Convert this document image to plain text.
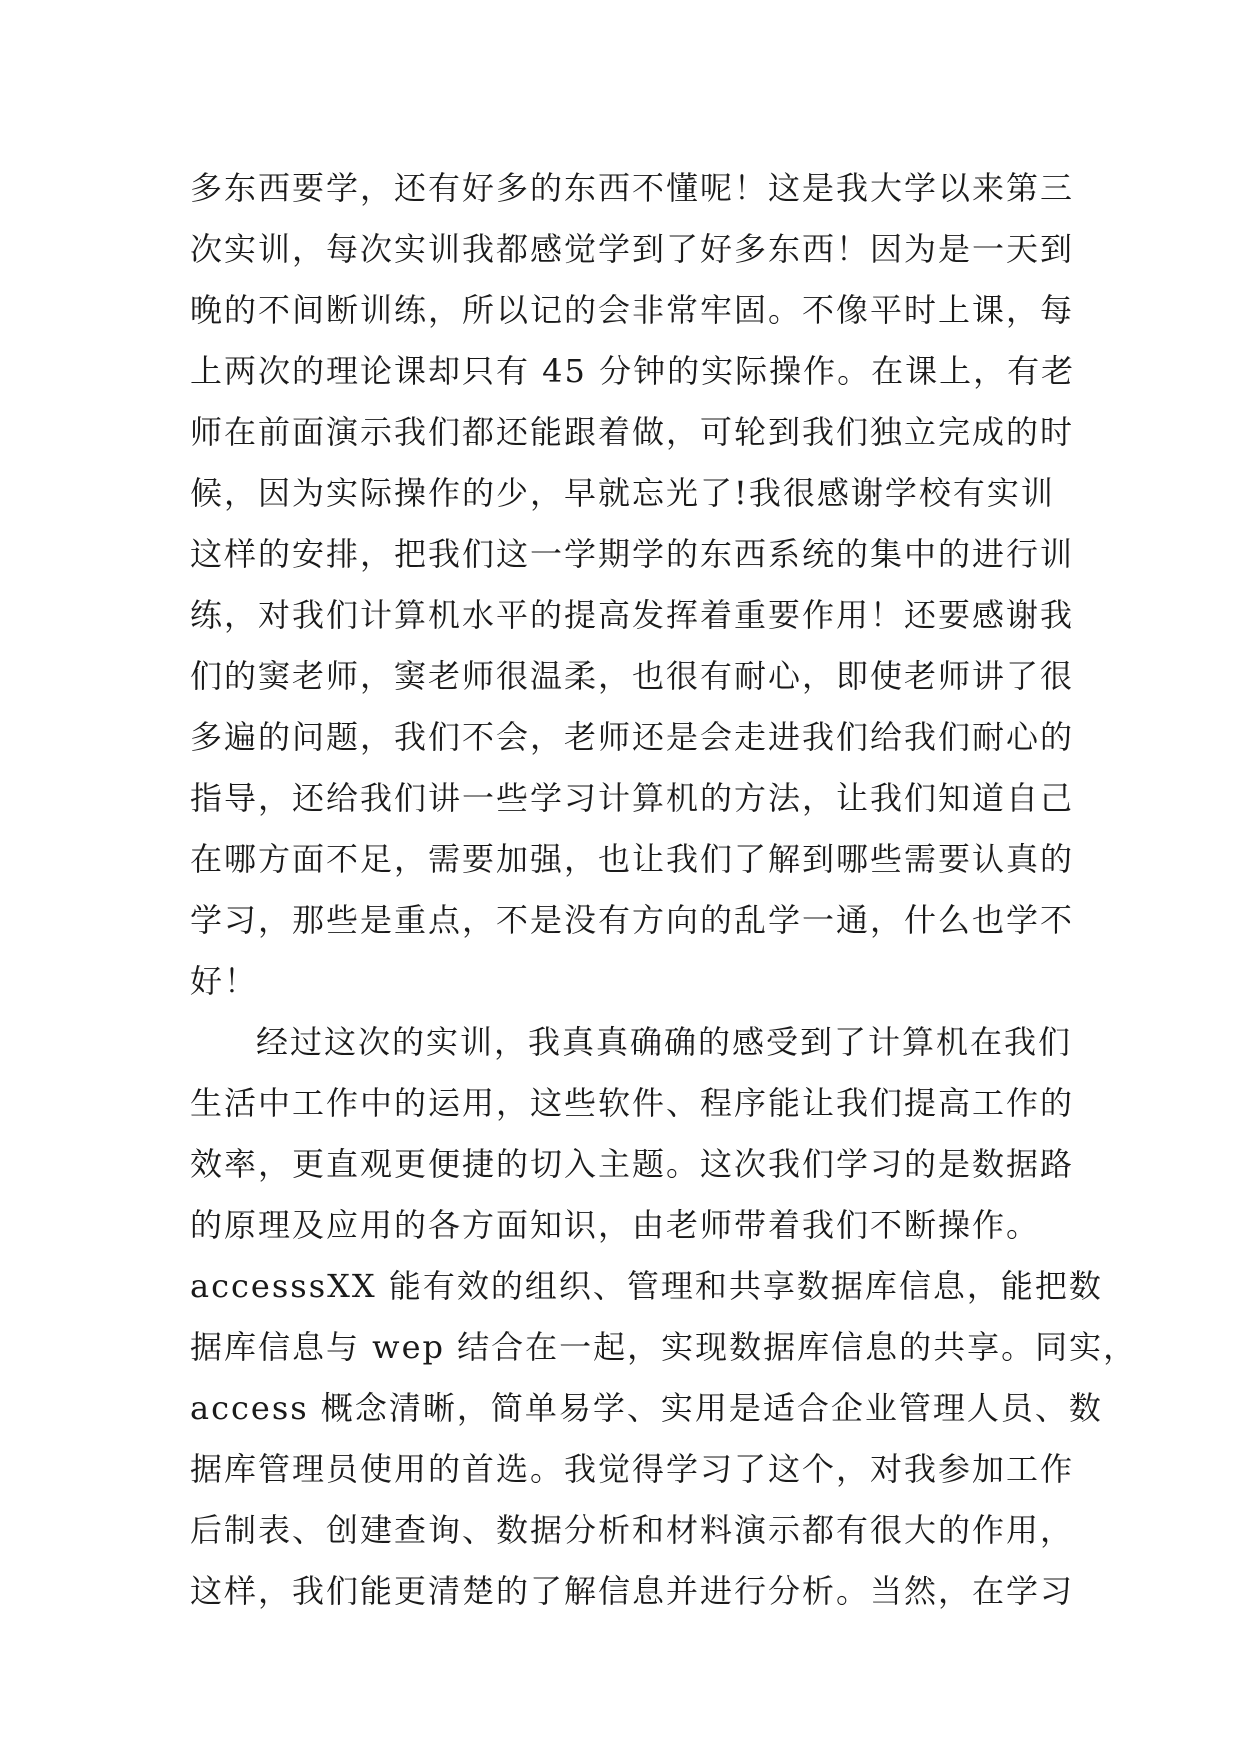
多东西要学，还有好多的东西不懂呢！这是我大学以来第三
次实训，每次实训我都感觉学到了好多东西！因为是一天到
晚的不间断训练，所以记的会非常牢固。不像平时上课，每
上两次的理论课却只有 45 分钟的实际操作。在课上，有老
师在前面演示我们都还能跟着做，可轮到我们独立完成的时
候，因为实际操作的少，早就忘光了!我很感谢学校有实训
这样的安排，把我们这一学期学的东西系统的集中的进行训
练，对我们计算机水平的提高发挥着重要作用！还要感谢我
们的窦老师，窦老师很温柔，也很有耐心，即使老师讲了很
多遍的问题，我们不会，老师还是会走进我们给我们耐心的
指导，还给我们讲一些学习计算机的方法，让我们知道自己
在哪方面不足，需要加强，也让我们了解到哪些需要认真的
学习，那些是重点，不是没有方向的乱学一通，什么也学不
好！
经过这次的实训，我真真确确的感受到了计算机在我们
生活中工作中的运用，这些软件、程序能让我们提高工作的
效率，更直观更便捷的切入主题。这次我们学习的是数据路
的原理及应用的各方面知识，由老师带着我们不断操作。
accesssXX 能有效的组织、管理和共享数据库信息，能把数
据库信息与 wep 结合在一起，实现数据库信息的共享。同实，
access 概念清晰，简单易学、实用是适合企业管理人员、数
据库管理员使用的首选。我觉得学习了这个，对我参加工作
后制表、创建查询、数据分析和材料演示都有很大的作用，
这样，我们能更清楚的了解信息并进行分析。当然，在学习
